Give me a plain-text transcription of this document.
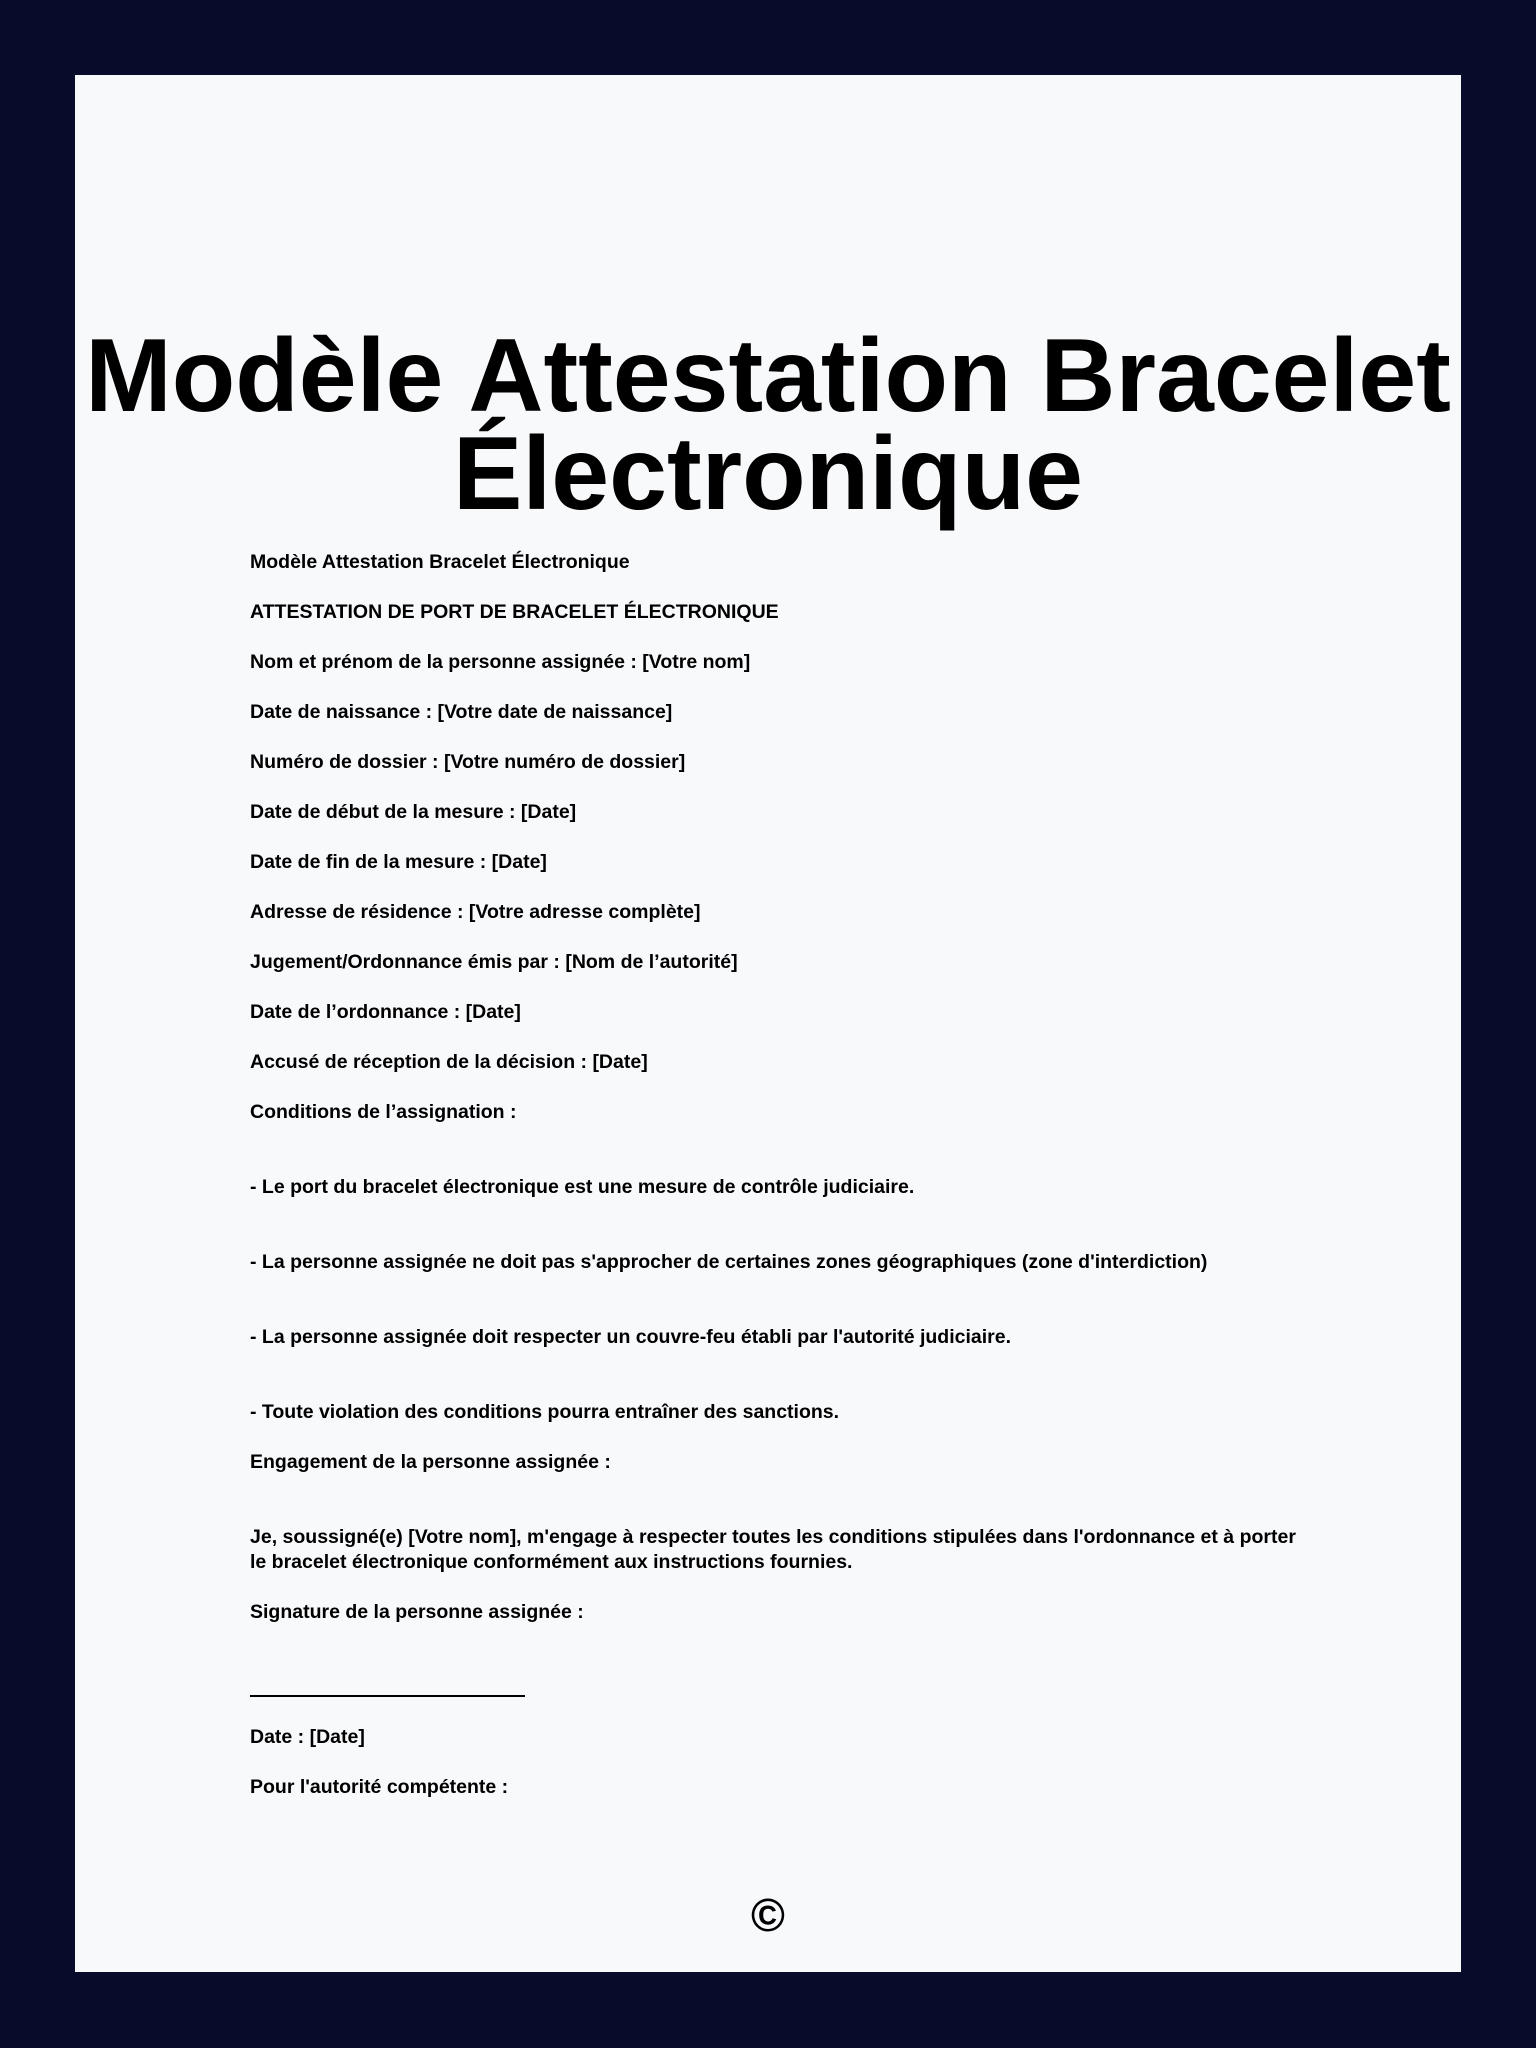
Modèle Attestation Bracelet
Électronique

Modèle Attestation Bracelet Électronique

ATTESTATION DE PORT DE BRACELET ÉLECTRONIQUE

Nom et prénom de la personne assignée : [Votre nom]

Date de naissance : [Votre date de naissance]

Numéro de dossier : [Votre numéro de dossier]

Date de début de la mesure : [Date]

Date de fin de la mesure : [Date]

Adresse de résidence : [Votre adresse complète]

Jugement/Ordonnance émis par : [Nom de l’autorité]

Date de l’ordonnance : [Date]

Accusé de réception de la décision : [Date]

Conditions de l’assignation :

- Le port du bracelet électronique est une mesure de contrôle judiciaire.

- La personne assignée ne doit pas s'approcher de certaines zones géographiques (zone d'interdiction)

- La personne assignée doit respecter un couvre-feu établi par l'autorité judiciaire.

- Toute violation des conditions pourra entraîner des sanctions.

Engagement de la personne assignée :

Je, soussigné(e) [Votre nom], m'engage à respecter toutes les conditions stipulées dans l'ordonnance et à porter le bracelet électronique conformément aux instructions fournies.

Signature de la personne assignée :

Date : [Date]

Pour l'autorité compétente :

©
